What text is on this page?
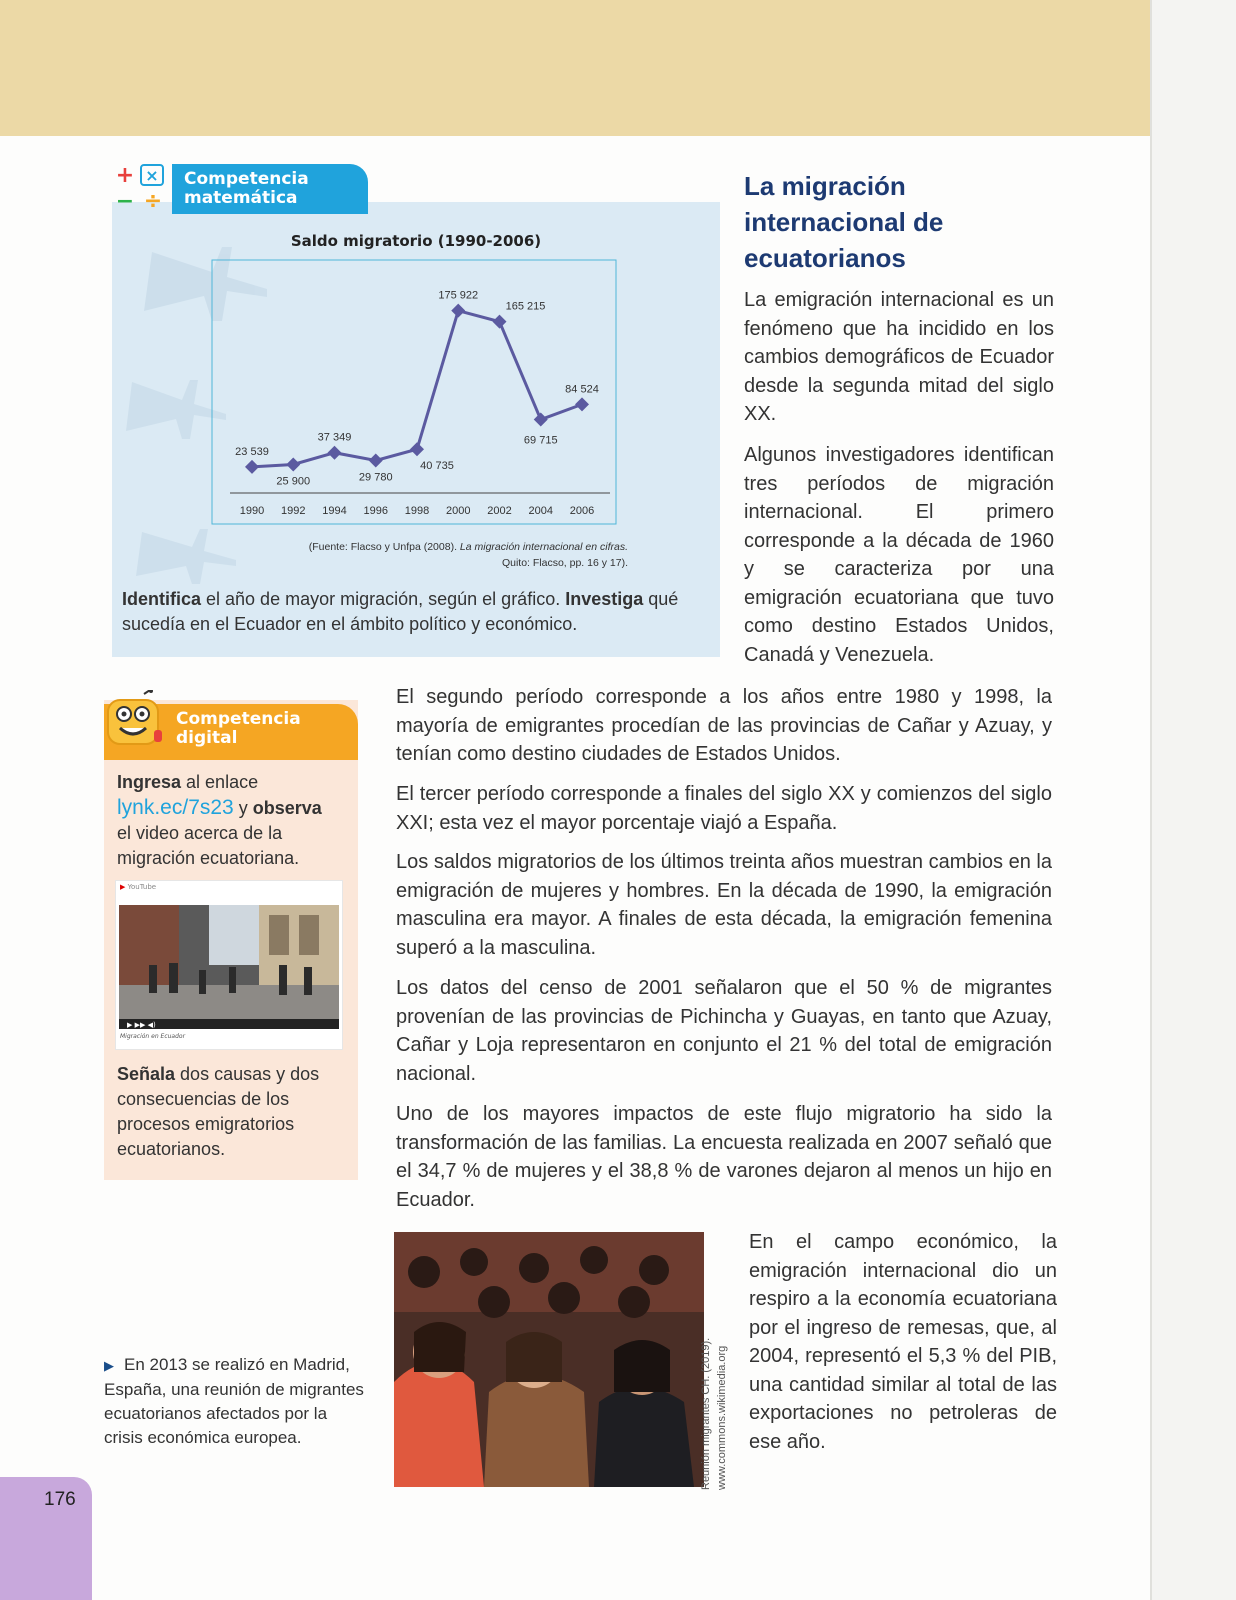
+ ×
− ÷
Competencia
matemática
Saldo migratorio (1990-2006)
1990 1992 1994 1996 1998 2000 2002 2004 2006
23 539
25 900
37 349
29 780
40 735
175 922
165 215
69 715
84 524
(Fuente: Flacso y Unfpa (2008). La migración internacional en cifras.
Quito: Flacso, pp. 16 y 17).
Identifica el año de mayor migración, según el gráfico. Investiga qué sucedía en el Ecuador en el ámbito político y económico.
Competencia
digital
Ingresa al enlace
lynk.ec/7s23 y observa el video acerca de la migración ecuatoriana.
▶ YouTube
▶ ▶▶ ◀)
Migración en Ecuador
Señala dos causas y dos consecuencias de los procesos emigratorios ecuatorianos.
▶ En 2013 se realizó en Madrid, España, una reunión de migrantes ecuatorianos afectados por la crisis económica europea.
176
La migración internacional de ecuatorianos
La emigración internacional es un fenómeno que ha incidido en los cambios demográficos de Ecuador desde la segunda mitad del siglo XX.
Algunos investigadores identifican tres períodos de migración internacional. El primero corresponde a la década de 1960 y se caracteriza por una emigración ecuatoriana que tuvo como destino Estados Unidos, Canadá y Venezuela.
El segundo período corresponde a los años entre 1980 y 1998, la mayoría de emigrantes procedían de las provincias de Cañar y Azuay, y tenían como destino ciudades de Estados Unidos.
El tercer período corresponde a finales del siglo XX y comienzos del siglo XXI; esta vez el mayor porcentaje viajó a España.
Los saldos migratorios de los últimos treinta años muestran cambios en la emigración de mujeres y hombres. En la década de 1990, la emigración masculina era mayor. A finales de esta década, la emigración femenina superó a la masculina.
Los datos del censo de 2001 señalaron que el 50 % de migrantes provenían de las provincias de Pichincha y Guayas, en tanto que Azuay, Cañar y Loja representaron en conjunto el 21 % del total de emigración nacional.
Uno de los mayores impactos de este flujo migratorio ha sido la transformación de las familias. La encuesta realizada en 2007 señaló que el 34,7 % de mujeres y el 38,8 % de varones dejaron al menos un hijo en Ecuador.
En el campo económico, la emigración internacional dio un respiro a la economía ecuatoriana por el ingreso de remesas, que, al 2004, representó el 5,3 % del PIB, una cantidad similar al total de las exportaciones no petroleras de ese año.
Reunión migrantes CH. (2019). www.commons.wikimedia.org
